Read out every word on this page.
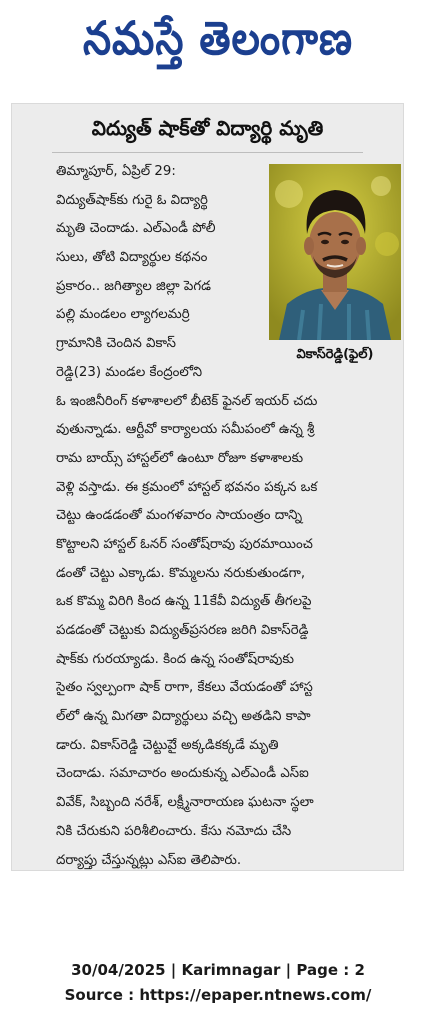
నమస్తే తెలంగాణ
విద్యుత్ షాక్‌తో విద్యార్థి మృతి
వికాస్‌రెడ్డి(ఫైల్)
తిమ్మాపూర్, ఏప్రిల్ 29:
విద్యుత్‌షాక్‌కు గురై ఓ విద్యార్థి
మృతి చెందాడు. ఎల్ఎండీ పోలీ
సులు, తోటి విద్యార్థుల కథనం
ప్రకారం.. జగిత్యాల జిల్లా పెగడ
పల్లి మండలం ల్యాగలమర్రి
గ్రామానికి చెందిన వికాస్
రెడ్డి(23) మండల కేంద్రంలోని
ఓ ఇంజినీరింగ్ కళాశాలలో బీటెక్ ఫైనల్ ఇయర్ చదు
వుతున్నాడు. ఆర్టీవో కార్యాలయ సమీపంలో ఉన్న శ్రీ
రామ బాయ్స్ హాస్టల్‌లో ఉంటూ రోజూ కళాశాలకు
వెళ్లి వస్తాడు. ఈ క్రమంలో హాస్టల్ భవనం పక్కన ఒక
చెట్టు ఉండడంతో మంగళవారం సాయంత్రం దాన్ని
కొట్టాలని హాస్టల్ ఓనర్ సంతోష్‌రావు పురమాయించ
డంతో చెట్టు ఎక్కాడు. కొమ్మలను నరుకుతుండగా,
ఒక కొమ్మ విరిగి కింద ఉన్న 11కేవీ విద్యుత్ తీగలపై
పడడంతో చెట్టుకు విద్యుత్‌ప్రసరణ జరిగి వికాస్‌రెడ్డి
షాక్‌కు గురయ్యాడు. కింద ఉన్న సంతోష్‌రావుకు
సైతం స్వల్పంగా షాక్ రాగా, కేకలు వేయడంతో హాస్ట
ల్‌లో ఉన్న మిగతా విద్యార్థులు వచ్చి అతడిని కాపా
డారు. వికాస్‌రెడ్డి చెట్టుపైే అక్కడికక్కడే మృతి
చెందాడు. సమాచారం అందుకున్న ఎల్ఎండీ ఎస్ఐ
వివేక్, సిబ్బంది నరేశ్, లక్ష్మీనారాయణ ఘటనా స్థలా
నికి చేరుకుని పరిశీలించారు. కేసు నమోదు చేసి
దర్యాప్తు చేస్తున్నట్లు ఎస్ఐ తెలిపారు.
30/04/2025 | Karimnagar | Page : 2
Source : https://epaper.ntnews.com/
